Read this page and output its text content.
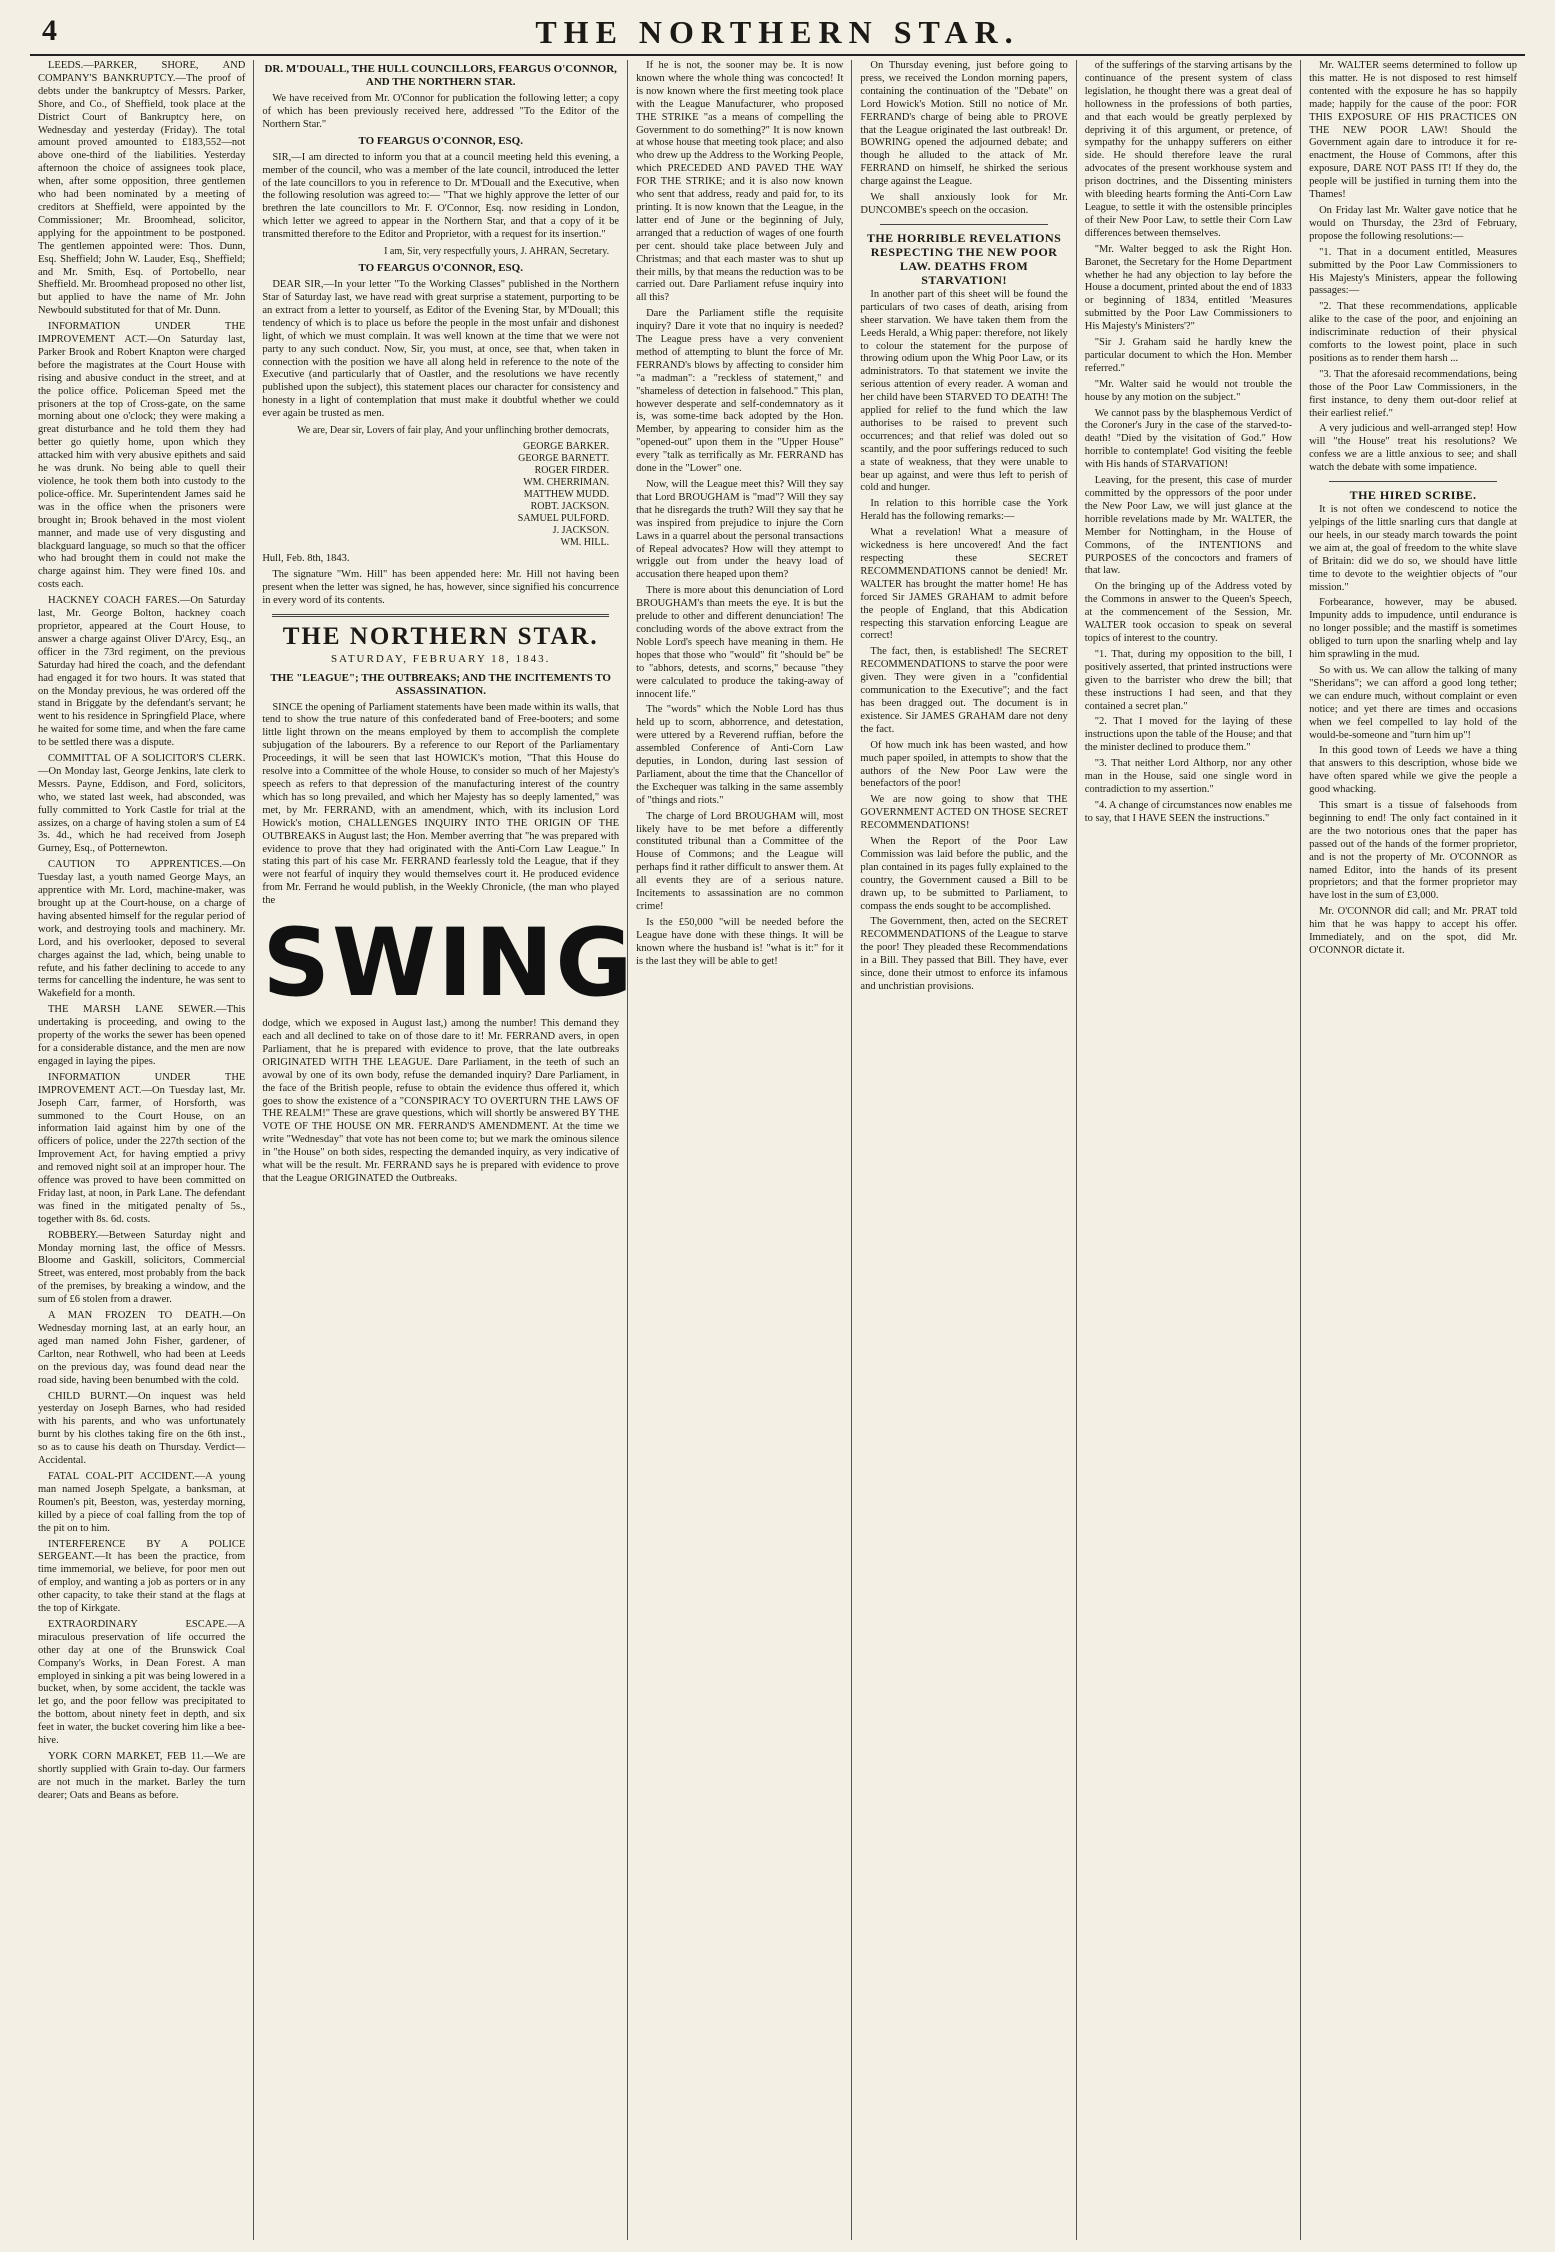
4	THE NORTHERN STAR.

LEEDS.—PARKER, SHORE, AND COMPANY'S BANKRUPTCY.—The proof of debts under the bankruptcy of Messrs. Parker, Shore, and Co., of Sheffield, took place at the District Court of Bankruptcy here, on Wednesday and yesterday (Friday). The total amount proved amounted to £183,552—not above one-third of the liabilities. Yesterday afternoon the choice of assignees took place, when, after some opposition, three gentlemen who had been nominated by a meeting of creditors at Sheffield, were appointed by the Commissioner; Mr. Broomhead, solicitor, applying for the appointment to be postponed. The gentlemen appointed were: Thos. Dunn, Esq. Sheffield; John W. Lauder, Esq., Sheffield; and Mr. Smith, Esq. of Portobello, near Sheffield. Mr. Broomhead proposed no other list, but applied to have the name of Mr. John Newbould substituted for that of Mr. Dunn.

INFORMATION UNDER THE IMPROVEMENT ACT.—On Saturday last, Parker Brook and Robert Knapton were charged before the magistrates at the Court House with rising and abusive conduct in the street, and at the police office. Policeman Speed met the prisoners at the top of Cross-gate, on the same morning about one o'clock; they were making a great disturbance and he told them they had better go quietly home, upon which they attacked him with very abusive epithets and said he was drunk. No being able to quell their violence, he took them both into custody to the police-office. Mr. Superintendent James said he was in the office when the prisoners were brought in; Brook behaved in the most violent manner, and made use of very disgusting and blackguard language, so much so that the officer who had brought them in could not make the charge against him. They were fined 10s. and costs each.

HACKNEY COACH FARES.—On Saturday last, Mr. George Bolton, hackney coach proprietor, appeared at the Court House, to answer a charge against Oliver D'Arcy, Esq., an officer in the 73rd regiment, on the previous Saturday had hired the coach, and the defendant had engaged it for two hours. It was stated that on the Monday previous, he was ordered off the stand in Briggate by the defendant's servant; he went to his residence in Springfield Place, where he waited for some time, and when the fare came to be settled there was a dispute.

COMMITTAL OF A SOLICITOR'S CLERK.—On Monday last, George Jenkins, late clerk to Messrs. Payne, Eddison, and Ford, solicitors, who, we stated last week, had absconded, was fully committed to York Castle for trial at the assizes, on a charge of having stolen a sum of £4 3s. 4d., which he had received from Joseph Gurney, Esq., of Potternewton.

CAUTION TO APPRENTICES.—On Tuesday last, a youth named George Mays, an apprentice with Mr. Lord, machine-maker, was brought up at the Court-house, on a charge of having absented himself for the regular period of work, and destroying tools and machinery. Mr. Lord, and his overlooker, deposed to several charges against the lad, which, being unable to refute, and his father declining to accede to any terms for cancelling the indenture, he was sent to Wakefield for a month.

THE MARSH LANE SEWER.—This undertaking is proceeding, and owing to the property of the works the sewer has been opened for a considerable distance, and the men are now engaged in laying the pipes.

INFORMATION UNDER THE IMPROVEMENT ACT.—On Tuesday last, Mr. Joseph Carr, farmer, of Horsforth, was summoned to the Court House, on an information laid against him by one of the officers of police, under the 227th section of the Improvement Act, for having emptied a privy and removed night soil at an improper hour. The offence was proved to have been committed on Friday last, at noon, in Park Lane. The defendant was fined in the mitigated penalty of 5s., together with 8s. 6d. costs.

ROBBERY.—Between Saturday night and Monday morning last, the office of Messrs. Bloome and Gaskill, solicitors, Commercial Street, was entered, most probably from the back of the premises, by breaking a window, and the sum of £6 stolen from a drawer.

A MAN FROZEN TO DEATH.—On Wednesday morning last, at an early hour, an aged man named John Fisher, gardener, of Carlton, near Rothwell, who had been at Leeds on the previous day, was found dead near the road side, having been benumbed with the cold.

CHILD BURNT.—On inquest was held yesterday on Joseph Barnes, who had resided with his parents, and who was unfortunately burnt by his clothes taking fire on the 6th inst., so as to cause his death on Thursday. Verdict—Accidental.

FATAL COAL-PIT ACCIDENT.—A young man named Joseph Spelgate, a banksman, at Roumen's pit, Beeston, was, yesterday morning, killed by a piece of coal falling from the top of the pit on to him.

INTERFERENCE BY A POLICE SERGEANT.—It has been the practice, from time immemorial, we believe, for poor men out of employ, and wanting a job as porters or in any other capacity, to take their stand at the flags at the top of Kirkgate.

EXTRAORDINARY ESCAPE.—A miraculous preservation of life occurred the other day at one of the Brunswick Coal Company's Works, in Dean Forest. A man employed in sinking a pit was being lowered in a bucket, when, by some accident, the tackle was let go, and the poor fellow was precipitated to the bottom, about ninety feet in depth, and six feet in water, the bucket covering him like a bee-hive.

YORK CORN MARKET, FEB 11.—We are shortly supplied with Grain to-day. Our farmers are not much in the market. Barley the turn dearer; Oats and Beans as before.

DR. M'DOUALL, THE HULL COUNCILLORS, FEARGUS O'CONNOR, AND THE NORTHERN STAR.

We have received from Mr. O'Connor for publication the following letter; a copy of which has been previously received here, addressed "To the Editor of the Northern Star."

TO FEARGUS O'CONNOR, ESQ.

SIR,—I am directed to inform you that at a council meeting held this evening, a member of the council, who was a member of the late council, introduced the letter of the late councillors to you in reference to Dr. M'Douall and the Executive, when the following resolution was agreed to:— "That we highly approve the letter of our brethren the late councillors to Mr. F. O'Connor, Esq. now residing in London, which letter we agreed to appear in the Northern Star, and that a copy of it be transmitted therefore to the Editor and Proprietor, with a request for its insertion."

I am, Sir, very respectfully yours, J. AHRAN, Secretary.
TO FEARGUS O'CONNOR, ESQ.

DEAR SIR,—In your letter "To the Working Classes" published in the Northern Star of Saturday last, we have read with great surprise a statement, purporting to be an extract from a letter to yourself, as Editor of the Evening Star, by M'Douall; this tendency of which is to place us before the people in the most unfair and dishonest light, of which we must complain. It was well known at the time that we were not party to any such conduct. Now, Sir, you must, at once, see that, when taken in connection with the position we have all along held in reference to the note of the Executive (and particularly that of Oastler, and the resolutions we have recently published upon the subject), this statement places our character for consistency and honesty in a light of contemplation that must make it doubtful whether we could ever again be trusted as men.

We are, Dear sir, Lovers of fair play, And your unflinching brother democrats,
GEORGE BARKER.
GEORGE BARNETT.
ROGER FIRDER.
WM. CHERRIMAN.
MATTHEW MUDD.
ROBT. JACKSON.
SAMUEL PULFORD.
J. JACKSON.
WM. HILL.

Hull, Feb. 8th, 1843.

The signature "Wm. Hill" has been appended here: Mr. Hill not having been present when the letter was signed, he has, however, since signified his concurrence in every word of its contents.

THE NORTHERN STAR.
SATURDAY, FEBRUARY 18, 1843.
THE "LEAGUE"; THE OUTBREAKS; AND THE INCITEMENTS TO ASSASSINATION.

SINCE the opening of Parliament statements have been made within its walls, that tend to show the true nature of this confederated band of Free-booters; and some little light thrown on the means employed by them to accomplish the complete subjugation of the labourers. By a reference to our Report of the Parliamentary Proceedings, it will be seen that last HOWICK's motion, "That this House do resolve into a Committee of the whole House, to consider so much of her Majesty's speech as refers to that depression of the manufacturing interest of the country which has so long prevailed, and which her Majesty has so deeply lamented," was met, by Mr. FERRAND, with an amendment, which, with its inclusion Lord Howick's motion, CHALLENGES INQUIRY INTO THE ORIGIN OF THE OUTBREAKS in August last; the Hon. Member averring that "he was prepared with evidence to prove that they had originated with the Anti-Corn Law League." In stating this part of his case Mr. FERRAND fearlessly told the League, that if they were not fearful of inquiry they would themselves court it. He produced evidence from Mr. Ferrand he would publish, in the Weekly Chronicle, (the man who played the

SWING

dodge, which we exposed in August last,) among the number! This demand they each and all declined to take on of those dare to it! Mr. FERRAND avers, in open Parliament, that he is prepared with evidence to prove, that the late outbreaks ORIGINATED WITH THE LEAGUE. Dare Parliament, in the teeth of such an avowal by one of its own body, refuse the demanded inquiry? Dare Parliament, in the face of the British people, refuse to obtain the evidence thus offered it, which goes to show the existence of a "CONSPIRACY TO OVERTURN THE LAWS OF THE REALM!" These are grave questions, which will shortly be answered BY THE VOTE OF THE HOUSE ON MR. FERRAND'S AMENDMENT. At the time we write "Wednesday" that vote has not been come to; but we mark the ominous silence in "the House" on both sides, respecting the demanded inquiry, as very indicative of what will be the result. Mr. FERRAND says he is prepared with evidence to prove that the League ORIGINATED the Outbreaks.

If he is not, the sooner may be. It is now known where the whole thing was concocted! It is now known where the first meeting took place with the League Manufacturer, who proposed THE STRIKE "as a means of compelling the Government to do something?" It is now known at whose house that meeting took place; and also who drew up the Address to the Working People, which PRECEDED AND PAVED THE WAY FOR THE STRIKE; and it is also now known who sent that address, ready and paid for, to its printing. It is now known that the League, in the latter end of June or the beginning of July, arranged that a reduction of wages of one fourth per cent. should take place between July and Christmas; and that each master was to shut up their mills, by that means the reduction was to be carried out. Dare Parliament refuse inquiry into all this?

Dare the Parliament stifle the requisite inquiry? Dare it vote that no inquiry is needed? The League press have a very convenient method of attempting to blunt the force of Mr. FERRAND's blows by affecting to consider him "a madman": a "reckless of statement," and "shameless of detection in falsehood." This plan, however desperate and self-condemnatory as it is, was some-time back adopted by the Hon. Member, by appearing to consider him as the "opened-out" upon them in the "Upper House" every "talk as terrifically as Mr. FERRAND has done in the "Lower" one.

Now, will the League meet this? Will they say that Lord BROUGHAM is "mad"? Will they say that he disregards the truth? Will they say that he was inspired from prejudice to injure the Corn Laws in a quarrel about the personal transactions of Repeal advocates? How will they attempt to wriggle out from under the heavy load of accusation there heaped upon them?

There is more about this denunciation of Lord BROUGHAM's than meets the eye. It is but the prelude to other and different denunciation! The concluding words of the above extract from the Noble Lord's speech have meaning in them. He hopes that those who "would" fit "should be" be to "abhors, detests, and scorns," because "they were calculated to produce the taking-away of innocent life."

The "words" which the Noble Lord has thus held up to scorn, abhorrence, and detestation, were uttered by a Reverend ruffian, before the assembled Conference of Anti-Corn Law deputies, in London, during last session of Parliament, about the time that the Chancellor of the Exchequer was talking in the same assembly of "things and riots."

The charge of Lord BROUGHAM will, most likely have to be met before a differently constituted tribunal than a Committee of the House of Commons; and the League will perhaps find it rather difficult to answer them. At all events they are of a serious nature. Incitements to assassination are no common crime!

Is the £50,000 "will be needed before the League have done with these things. It will be known where the husband is! "what is it:" for it is the last they will be able to get!

On Thursday evening, just before going to press, we received the London morning papers, containing the continuation of the "Debate" on Lord Howick's Motion. Still no notice of Mr. FERRAND's charge of being able to PROVE that the League originated the last outbreak! Dr. BOWRING opened the adjourned debate; and though he alluded to the attack of Mr. FERRAND on himself, he shirked the serious charge against the League.

We shall anxiously look for Mr. DUNCOMBE's speech on the occasion.

THE HORRIBLE REVELATIONS RESPECTING THE NEW POOR LAW. DEATHS FROM STARVATION!

In another part of this sheet will be found the particulars of two cases of death, arising from sheer starvation. We have taken them from the Leeds Herald, a Whig paper: therefore, not likely to colour the statement for the purpose of throwing odium upon the Whig Poor Law, or its administrators. To that statement we invite the serious attention of every reader. A woman and her child have been STARVED TO DEATH! The applied for relief to the fund which the law authorises to be raised to prevent such occurrences; and that relief was doled out so scantily, and the poor sufferings reduced to such a state of weakness, that they were unable to bear up against, and were thus left to perish of cold and hunger.

In relation to this horrible case the York Herald has the following remarks:—

What a revelation! What a measure of wickedness is here uncovered! And the fact respecting these SECRET RECOMMENDATIONS cannot be denied! Mr. WALTER has brought the matter home! He has forced Sir JAMES GRAHAM to admit before the people of England, that this Abdication respecting this starvation enforcing League are correct!

The fact, then, is established! The SECRET RECOMMENDATIONS to starve the poor were given. They were given in a "confidential communication to the Executive"; and the fact has been dragged out. The document is in existence. Sir JAMES GRAHAM dare not deny the fact.

Of how much ink has been wasted, and how much paper spoiled, in attempts to show that the authors of the New Poor Law were the benefactors of the poor!

We are now going to show that THE GOVERNMENT ACTED ON THOSE SECRET RECOMMENDATIONS!

When the Report of the Poor Law Commission was laid before the public, and the plan contained in its pages fully explained to the country, the Government caused a Bill to be drawn up, to be submitted to Parliament, to compass the ends sought to be accomplished.

The Government, then, acted on the SECRET RECOMMENDATIONS of the League to starve the poor! They pleaded these Recommendations in a Bill. They passed that Bill. They have, ever since, done their utmost to enforce its infamous and unchristian provisions.

of the sufferings of the starving artisans by the continuance of the present system of class legislation, he thought there was a great deal of hollowness in the professions of both parties, and that each would be greatly perplexed by depriving it of this argument, or pretence, of sympathy for the unhappy sufferers on either side. He should therefore leave the rural advocates of the present workhouse system and prison doctrines, and the Dissenting ministers with bleeding hearts forming the Anti-Corn Law League, to settle it with the ostensible principles of their New Poor Law, to settle their Corn Law differences between themselves.

"Mr. Walter begged to ask the Right Hon. Baronet, the Secretary for the Home Department whether he had any objection to lay before the House a document, printed about the end of 1833 or beginning of 1834, entitled 'Measures submitted by the Poor Law Commissioners to His Majesty's Ministers'?"

"Sir J. Graham said he hardly knew the particular document to which the Hon. Member referred."

"Mr. Walter said he would not trouble the house by any motion on the subject."

We cannot pass by the blasphemous Verdict of the Coroner's Jury in the case of the starved-to-death! "Died by the visitation of God." How horrible to contemplate! God visiting the feeble with His hands of STARVATION!

Leaving, for the present, this case of murder committed by the oppressors of the poor under the New Poor Law, we will just glance at the horrible revelations made by Mr. WALTER, the Member for Nottingham, in the House of Commons, of the INTENTIONS and PURPOSES of the concoctors and framers of that law.

On the bringing up of the Address voted by the Commons in answer to the Queen's Speech, at the commencement of the Session, Mr. WALTER took occasion to speak on several topics of interest to the country.

"1. That, during my opposition to the bill, I positively asserted, that printed instructions were given to the barrister who drew the bill; that these instructions I had seen, and that they contained a secret plan."

"2. That I moved for the laying of these instructions upon the table of the House; and that the minister declined to produce them."

"3. That neither Lord Althorp, nor any other man in the House, said one single word in contradiction to my assertion."

"4. A change of circumstances now enables me to say, that I HAVE SEEN the instructions."

Mr. WALTER seems determined to follow up this matter. He is not disposed to rest himself contented with the exposure he has so happily made; happily for the cause of the poor: FOR THIS EXPOSURE OF HIS PRACTICES ON THE NEW POOR LAW! Should the Government again dare to introduce it for re-enactment, the House of Commons, after this exposure, DARE NOT PASS IT! If they do, the people will be justified in turning them into the Thames!

On Friday last Mr. Walter gave notice that he would on Thursday, the 23rd of February, propose the following resolutions:—

"1. That in a document entitled, Measures submitted by the Poor Law Commissioners to His Majesty's Ministers, appear the following passages:—

"2. That these recommendations, applicable alike to the case of the poor, and enjoining an indiscriminate reduction of their physical comforts to the lowest point, place in such positions as to render them harsh ...

"3. That the aforesaid recommendations, being those of the Poor Law Commissioners, in the first instance, to deny them out-door relief at their earliest relief."

A very judicious and well-arranged step! How will "the House" treat his resolutions? We confess we are a little anxious to see; and shall watch the debate with some impatience.

THE HIRED SCRIBE.

It is not often we condescend to notice the yelpings of the little snarling curs that dangle at our heels, in our steady march towards the point we aim at, the goal of freedom to the white slave of Britain: did we do so, we should have little time to devote to the weightier objects of "our mission."

Forbearance, however, may be abused. Impunity adds to impudence, until endurance is no longer possible; and the mastiff is sometimes obliged to turn upon the snarling whelp and lay him sprawling in the mud.

So with us. We can allow the talking of many "Sheridans"; we can afford a good long tether; we can endure much, without complaint or even notice; and yet there are times and occasions when we feel compelled to lay hold of the would-be-someone and "turn him up"!

In this good town of Leeds we have a thing that answers to this description, whose bide we have often spared while we give the people a good whacking.

This smart is a tissue of falsehoods from beginning to end! The only fact contained in it are the two notorious ones that the paper has passed out of the hands of the former proprietor, and is not the property of Mr. O'CONNOR as named Editor, into the hands of its present proprietors; and that the former proprietor may have lost in the sum of £3,000.

Mr. O'CONNOR did call; and Mr. PRAT told him that he was happy to accept his offer. Immediately, and on the spot, did Mr. O'CONNOR dictate it.
